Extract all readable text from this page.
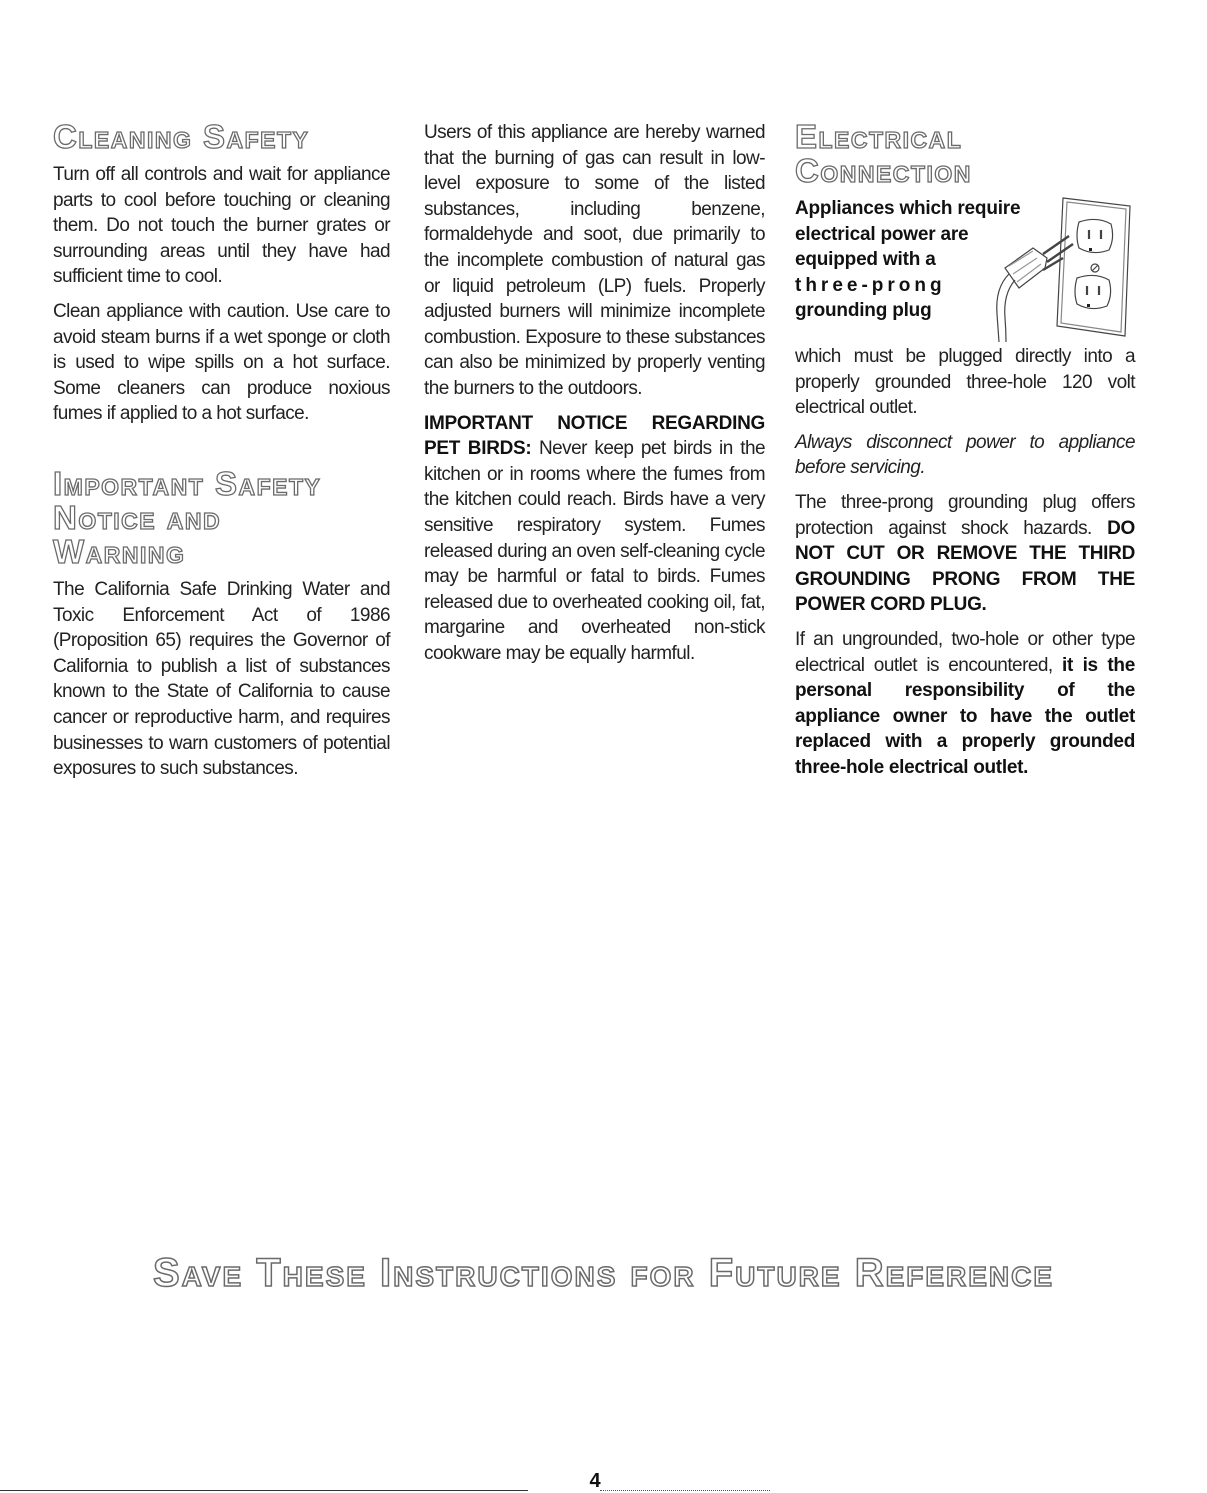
Cleaning Safety

Turn off all controls and wait for appliance parts to cool before touching or cleaning them. Do not touch the burner grates or surrounding areas until they have had sufficient time to cool.

Clean appliance with caution. Use care to avoid steam burns if a wet sponge or cloth is used to wipe spills on a hot surface. Some cleaners can produce noxious fumes if applied to a hot surface.

Important Safety
Notice and
Warning

The California Safe Drinking Water and Toxic Enforcement Act of 1986 (Proposition 65) requires the Governor of California to publish a list of substances known to the State of California to cause cancer or reproductive harm, and requires businesses to warn customers of potential exposures to such substances.

Users of this appliance are hereby warned that the burning of gas can result in low-level exposure to some of the listed substances, including benzene, formaldehyde and soot, due primarily to the incomplete combustion of natural gas or liquid petroleum (LP) fuels. Properly adjusted burners will minimize incomplete combustion. Exposure to these substances can also be minimized by properly venting the burners to the outdoors.

IMPORTANT NOTICE REGARDING PET BIRDS: Never keep pet birds in the kitchen or in rooms where the fumes from the kitchen could reach. Birds have a very sensitive respiratory system. Fumes released during an oven self-cleaning cycle may be harmful or fatal to birds. Fumes released due to overheated cooking oil, fat, margarine and overheated non-stick cookware may be equally harmful.

Electrical
Connection
Appliances which require
electrical power are
equipped with a
three-prong
grounding plug

which must be plugged directly into a properly grounded three-hole 120 volt electrical outlet.

Always disconnect power to appliance before servicing.

The three-prong grounding plug offers protection against shock hazards. DO NOT CUT OR REMOVE THE THIRD GROUNDING PRONG FROM THE POWER CORD PLUG.

If an ungrounded, two-hole or other type electrical outlet is encountered, it is the personal responsibility of the appliance owner to have the outlet replaced with a properly grounded three-hole electrical outlet.

Save These Instructions for Future Reference
4
